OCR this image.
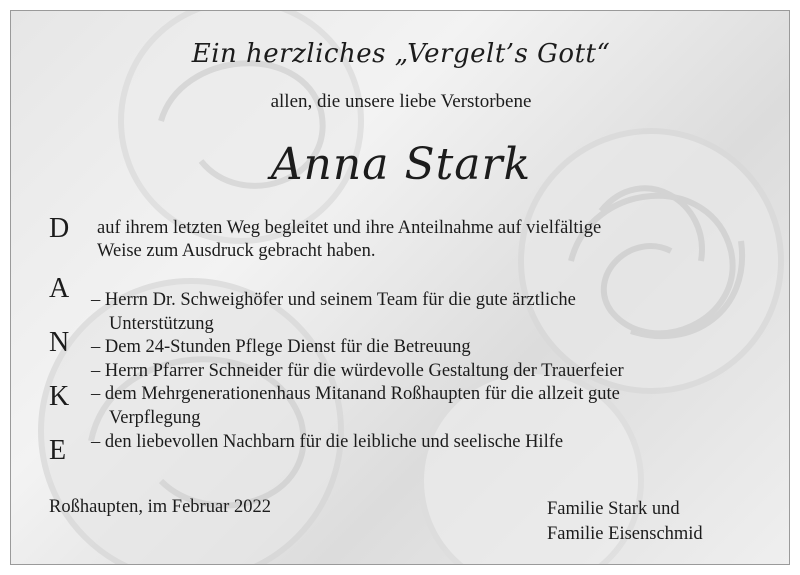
Ein herzliches „Vergelt’s Gott“
allen, die unsere liebe Verstorbene
Anna Stark
D
A
N
K
E
auf ihrem letzten Weg begleitet und ihre Anteilnahme auf vielfältige
Weise zum Ausdruck gebracht haben.
– Herrn Dr. Schweighöfer und seinem Team für die gute ärztliche
Unterstützung
– Dem 24-Stunden Pflege Dienst für die Betreuung
– Herrn Pfarrer Schneider für die würdevolle Gestaltung der Trauerfeier
– dem Mehrgenerationenhaus Mitanand Roßhaupten für die allzeit gute
Verpflegung
– den liebevollen Nachbarn für die leibliche und seelische Hilfe
Roßhaupten, im Februar 2022	Familie Stark und
Familie Eisenschmid
